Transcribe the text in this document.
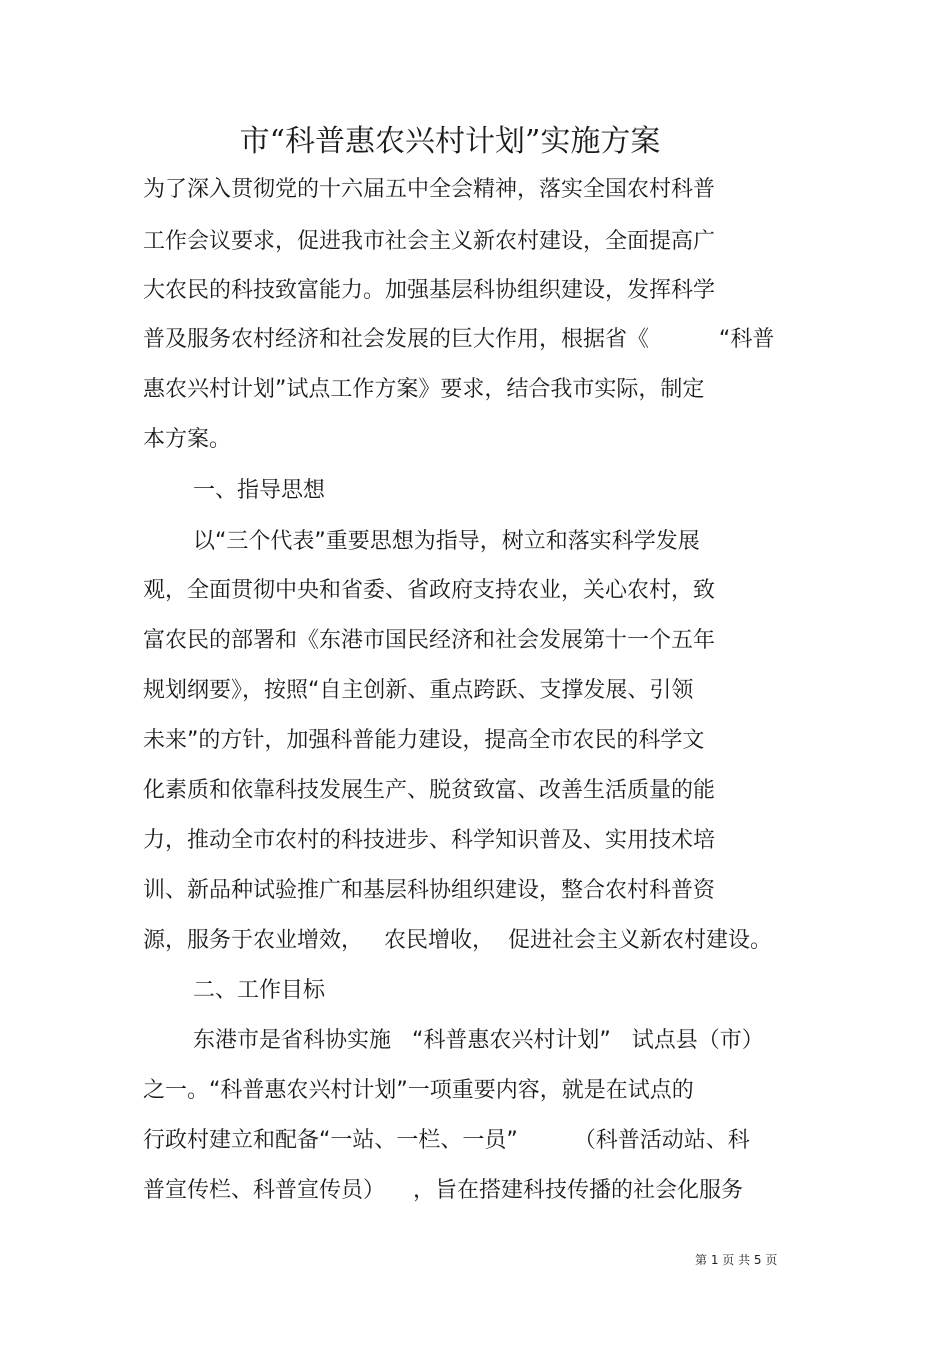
市“科普惠农兴村计划”实施方案
为了深入贯彻党的十六届五中全会精神，落实全国农村科普
工作会议要求，促进我市社会主义新农村建设，全面提高广
大农民的科技致富能力。加强基层科协组织建设，发挥科学
普及服务农村经济和社会发展的巨大作用，根据省《          “科普
惠农兴村计划”试点工作方案》要求，结合我市实际，制定
本方案。
一、指导思想
以“三个代表”重要思想为指导，树立和落实科学发展
观，全面贯彻中央和省委、省政府支持农业，关心农村，致
富农民的部署和《东港市国民经济和社会发展第十一个五年
规划纲要》，按照“自主创新、重点跨跃、支撑发展、引领
未来”的方针，加强科普能力建设，提高全市农民的科学文
化素质和依靠科技发展生产、脱贫致富、改善生活质量的能
力，推动全市农村的科技进步、科学知识普及、实用技术培
训、新品种试验推广和基层科协组织建设，整合农村科普资
源，服务于农业增效，   农民增收，  促进社会主义新农村建设。
二、工作目标
东港市是省科协实施   “科普惠农兴村计划”   试点县（市）
之一。“科普惠农兴村计划”一项重要内容，就是在试点的
行政村建立和配备“一站、一栏、一员”        （科普活动站、科
普宣传栏、科普宣传员）    ，旨在搭建科技传播的社会化服务
第 1 页 共 5 页
